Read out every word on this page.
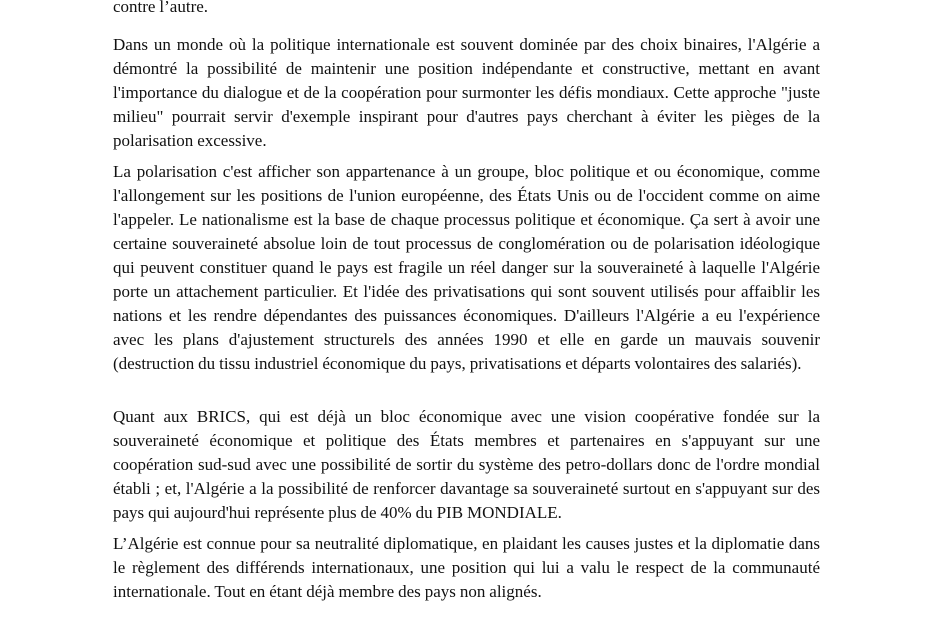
contre l’autre.

Dans un monde où la politique internationale est souvent dominée par des choix binaires, l'Algérie a démontré la possibilité de maintenir une position indépendante et constructive, mettant en avant l'importance du dialogue et de la coopération pour surmonter les défis mondiaux. Cette approche "juste milieu" pourrait servir d'exemple inspirant pour d'autres pays cherchant à éviter les pièges de la polarisation excessive.

La polarisation c'est afficher son appartenance à un groupe, bloc politique et ou économique, comme l'allongement sur les positions de l'union européenne, des États Unis ou de l'occident comme on aime l'appeler. Le nationalisme est la base de chaque processus politique et économique. Ça sert à avoir une certaine souveraineté absolue loin de tout processus de conglomération ou de polarisation idéologique qui peuvent constituer quand le pays est fragile un réel danger sur la souveraineté à laquelle l'Algérie porte un attachement particulier. Et l'idée des privatisations qui sont souvent utilisés pour affaiblir les nations et les rendre dépendantes des puissances économiques. D'ailleurs l'Algérie a eu l'expérience avec les plans d'ajustement structurels des années 1990 et elle en garde un mauvais souvenir (destruction du tissu industriel économique du pays, privatisations et départs volontaires des salariés).

Quant aux BRICS, qui est déjà un bloc économique avec une vision coopérative fondée sur la souveraineté économique et politique des États membres et partenaires en s'appuyant sur une coopération sud-sud avec une possibilité de sortir du système des petro-dollars donc de l'ordre mondial établi ; et, l'Algérie a la possibilité de renforcer davantage sa souveraineté surtout en s'appuyant sur des pays qui aujourd'hui représente plus de 40% du PIB MONDIALE.

L’Algérie est connue pour sa neutralité diplomatique, en plaidant les causes justes et la diplomatie dans le règlement des différends internationaux, une position qui lui a valu le respect de la communauté internationale. Tout en étant déjà membre des pays non alignés.
